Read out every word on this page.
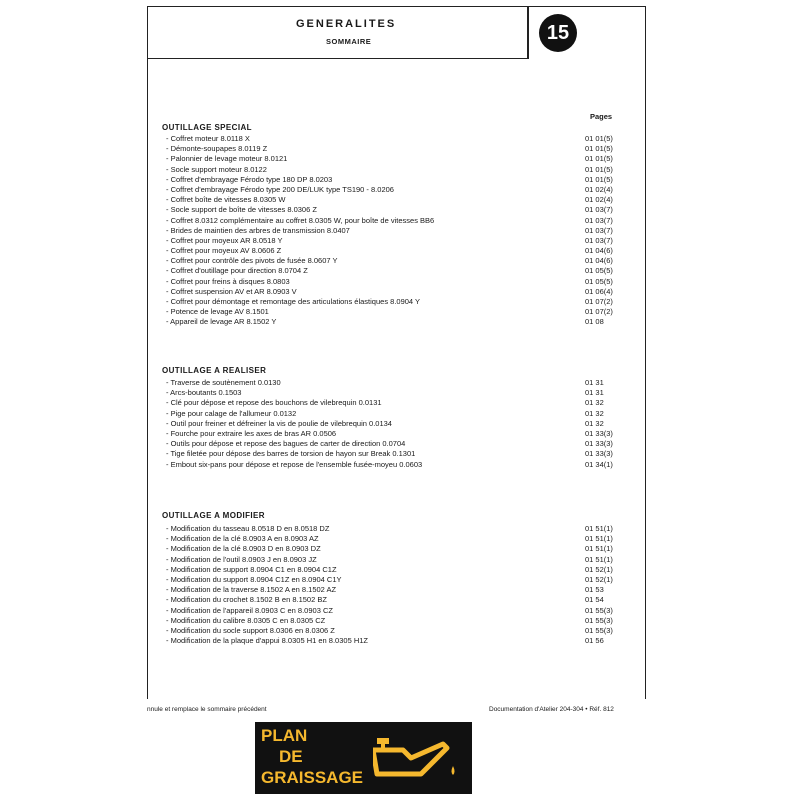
GENERALITES
SOMMAIRE	15
Pages
OUTILLAGE SPECIAL
- Coffret moteur 8.0118 X	01 01(5)
- Démonte-soupapes 8.0119 Z	01 01(5)
- Palonnier de levage moteur 8.0121	01 01(5)
- Socle support moteur 8.0122	01 01(5)
- Coffret d'embrayage Férodo type 180 DP 8.0203	01 01(5)
- Coffret d'embrayage Férodo type 200 DE/LUK type TS190 - 8.0206	01 02(4)
- Coffret boîte de vitesses 8.0305 W	01 02(4)
- Socle support de boîte de vitesses 8.0306 Z	01 03(7)
- Coffret 8.0312 complémentaire au coffret 8.0305 W, pour boîte de vitesses BB6	01 03(7)
- Brides de maintien des arbres de transmission 8.0407	01 03(7)
- Coffret pour moyeux AR 8.0518 Y	01 03(7)
- Coffret pour moyeux AV 8.0606 Z	01 04(6)
- Coffret pour contrôle des pivots de fusée 8.0607 Y	01 04(6)
- Coffret d'outillage pour direction 8.0704 Z	01 05(5)
- Coffret pour freins à disques 8.0803	01 05(5)
- Coffret suspension AV et AR 8.0903 V	01 06(4)
- Coffret pour démontage et remontage des articulations élastiques 8.0904 Y	01 07(2)
- Potence de levage AV 8.1501	01 07(2)
- Appareil de levage AR 8.1502 Y	01 08
OUTILLAGE A REALISER
- Traverse de soutènement 0.0130	01 31
- Arcs-boutants 0.1503	01 31
- Clé pour dépose et repose des bouchons de vilebrequin 0.0131	01 32
- Pige pour calage de l'allumeur 0.0132	01 32
- Outil pour freiner et défreiner la vis de poulie de vilebrequin 0.0134	01 32
- Fourche pour extraire les axes de bras AR 0.0506	01 33(3)
- Outils pour dépose et repose des bagues de carter de direction 0.0704	01 33(3)
- Tige filetée pour dépose des barres de torsion de hayon sur Break 0.1301	01 33(3)
- Embout six-pans pour dépose et repose de l'ensemble fusée-moyeu 0.0603	01 34(1)
OUTILLAGE A MODIFIER
- Modification du tasseau 8.0518 D en 8.0518 DZ	01 51(1)
- Modification de la clé 8.0903 A en 8.0903 AZ	01 51(1)
- Modification de la clé 8.0903 D en 8.0903 DZ	01 51(1)
- Modification de l'outil 8.0903 J en 8.0903 JZ	01 51(1)
- Modification de support 8.0904 C1 en 8.0904 C1Z	01 52(1)
- Modification du support 8.0904 C1Z en 8.0904 C1Y	01 52(1)
- Modification de la traverse 8.1502 A en 8.1502 AZ	01 53
- Modification du crochet 8.1502 B en 8.1502 BZ	01 54
- Modification de l'appareil 8.0903 C en 8.0903 CZ	01 55(3)
- Modification du calibre 8.0305 C en 8.0305 CZ	01 55(3)
- Modification du socle support 8.0306 en 8.0306 Z	01 55(3)
- Modification de la plaque d'appui 8.0305 H1 en 8.0305 H1Z	01 56
nnule et remplace le sommaire précédent	Documentation d'Atelier 204-304 • Réf. 812
PLAN
DE
GRAISSAGE
